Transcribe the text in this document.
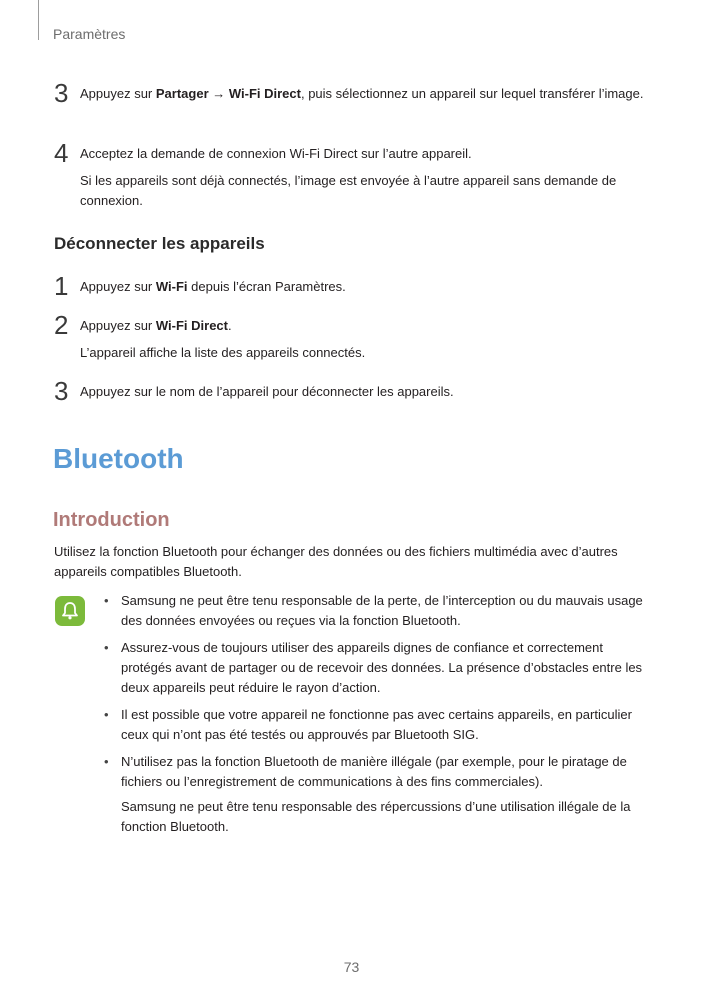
Paramètres
3 Appuyez sur Partager → Wi-Fi Direct, puis sélectionnez un appareil sur lequel transférer l’image.
4 Acceptez la demande de connexion Wi-Fi Direct sur l’autre appareil.
Si les appareils sont déjà connectés, l’image est envoyée à l’autre appareil sans demande de connexion.
Déconnecter les appareils
1 Appuyez sur Wi-Fi depuis l’écran Paramètres.
2 Appuyez sur Wi-Fi Direct.
L’appareil affiche la liste des appareils connectés.
3 Appuyez sur le nom de l’appareil pour déconnecter les appareils.
Bluetooth
Introduction
Utilisez la fonction Bluetooth pour échanger des données ou des fichiers multimédia avec d’autres appareils compatibles Bluetooth.
• Samsung ne peut être tenu responsable de la perte, de l’interception ou du mauvais usage des données envoyées ou reçues via la fonction Bluetooth.
• Assurez-vous de toujours utiliser des appareils dignes de confiance et correctement protégés avant de partager ou de recevoir des données. La présence d’obstacles entre les deux appareils peut réduire le rayon d’action.
• Il est possible que votre appareil ne fonctionne pas avec certains appareils, en particulier ceux qui n’ont pas été testés ou approuvés par Bluetooth SIG.
• N’utilisez pas la fonction Bluetooth de manière illégale (par exemple, pour le piratage de fichiers ou l’enregistrement de communications à des fins commerciales).
Samsung ne peut être tenu responsable des répercussions d’une utilisation illégale de la fonction Bluetooth.
73
